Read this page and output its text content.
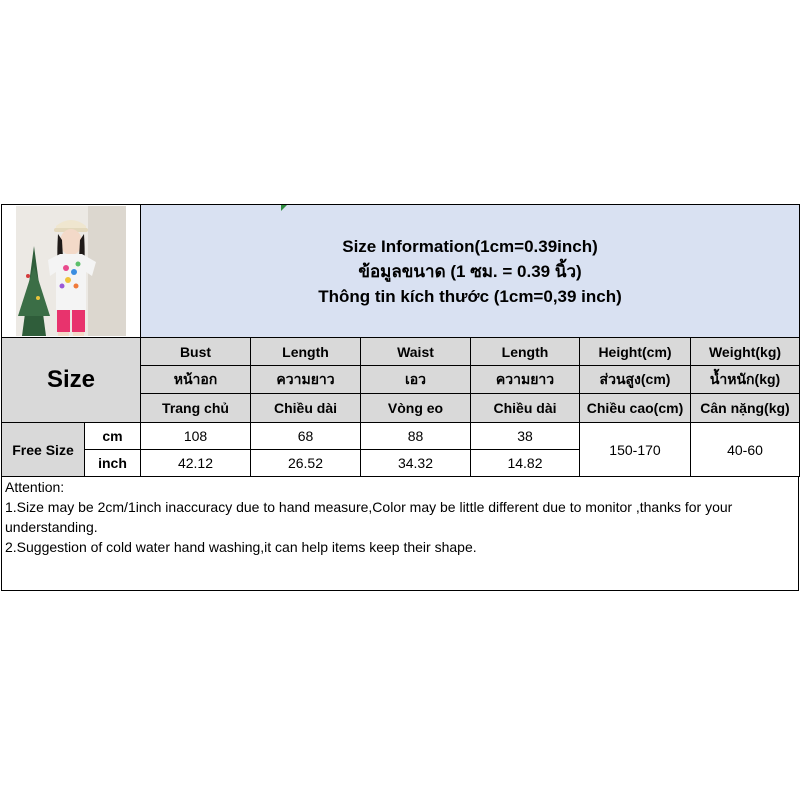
Size Information(1cm=0.39inch)
ข้อมูลขนาด (1 ซม. = 0.39 นิ้ว)
Thông tin kích thước (1cm=0,39 inch)					

Size		Bust	Length	Waist	Length	Height(cm)	Weight(kg)
		หน้าอก	ความยาว	เอว	ความยาว	ส่วนสูง(cm)	น้ำหนัก(kg)
		Trang chủ	Chiều dài	Vòng eo	Chiều dài	Chiều cao(cm)	Cân nặng(kg)
Free Size	cm	108	68	88	38	150-170	40-60
	inch	42.12	26.52	34.32	14.82		
Attention:
1.Size may be 2cm/1inch inaccuracy due to hand measure,Color may be little different due to monitor ,thanks for your understanding.
2.Suggestion of cold water hand washing,it can help items keep their shape.
